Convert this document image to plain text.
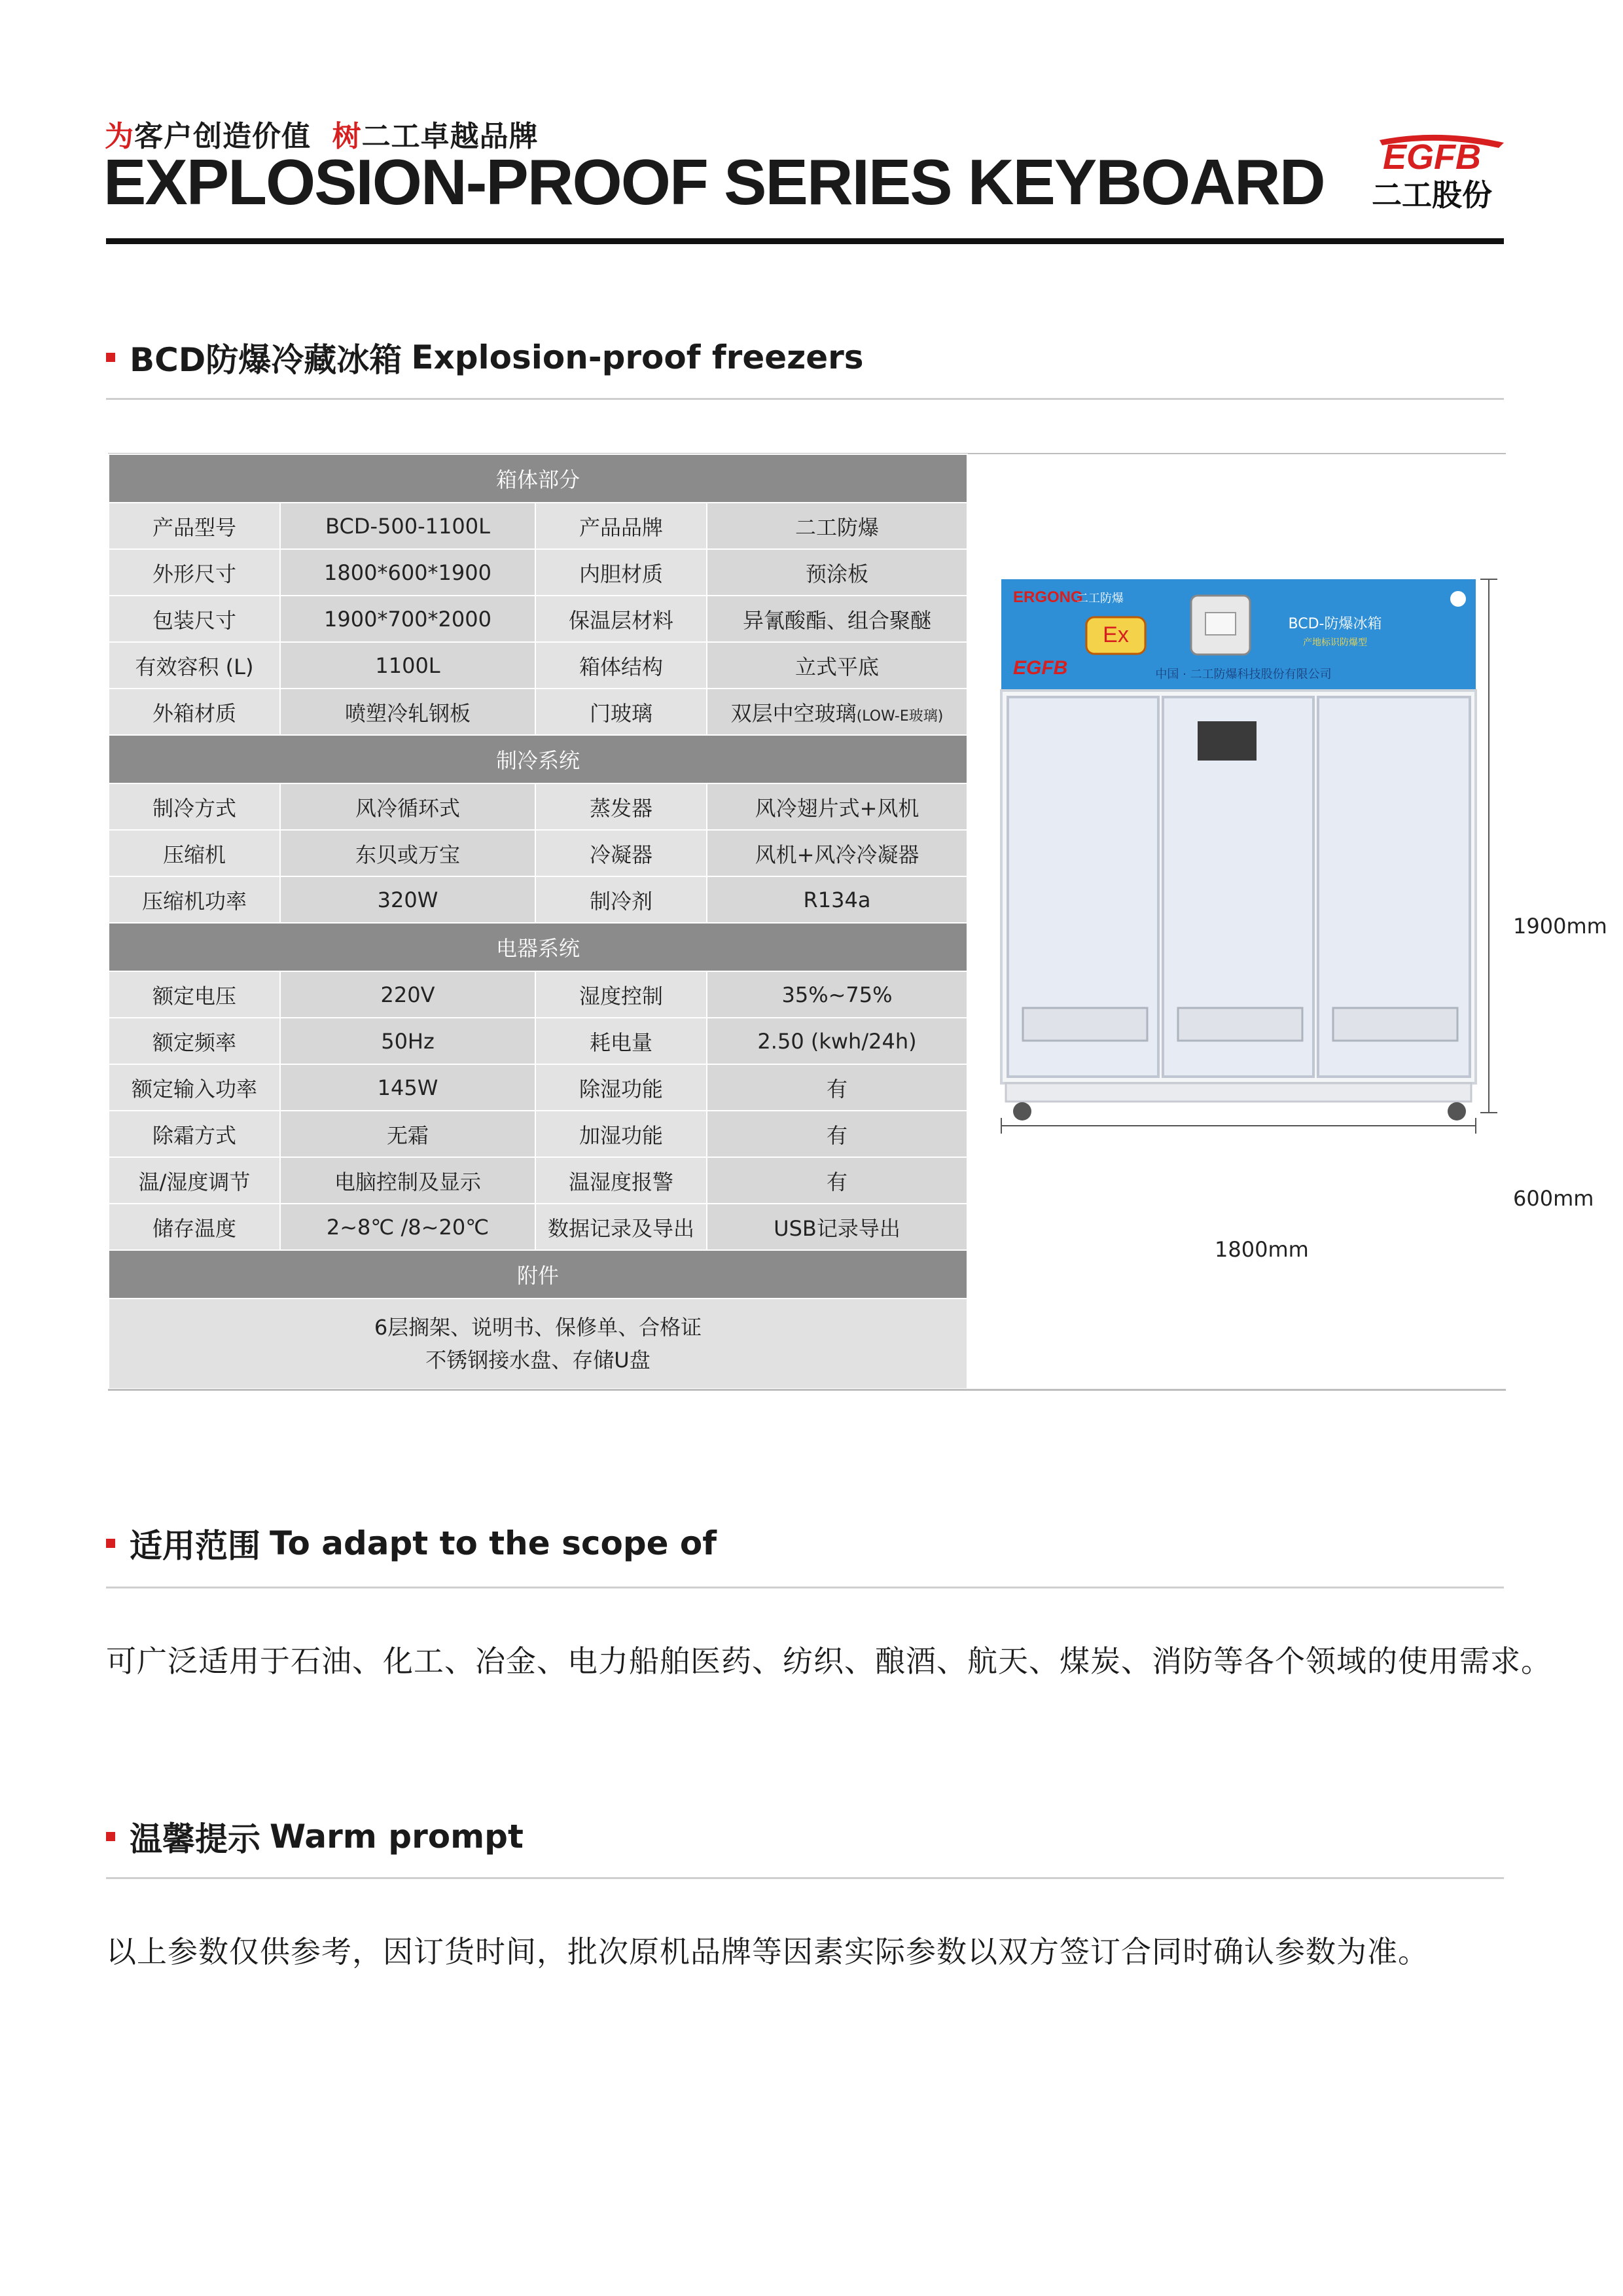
为客户创造价值 树二工卓越品牌
EXPLOSION-PROOF SERIES KEYBOARD EGFB
二工股份
BCD防爆冷藏冰箱 Explosion-proof freezers
箱体部分			
产品型号	BCD-500-1100L	产品品牌	二工防爆
外形尺寸	1800*600*1900	内胆材质	预涂板
包装尺寸	1900*700*2000	保温层材料	异氰酸酯、组合聚醚
有效容积 (L)	1100L	箱体结构	立式平底
外箱材质	喷塑冷轧钢板	门玻璃	双层中空玻璃(LOW-E玻璃)
制冷系统			
制冷方式	风冷循环式	蒸发器	风冷翅片式+风机
压缩机	东贝或万宝	冷凝器	风机+风冷冷凝器
压缩机功率	320W	制冷剂	R134a
电器系统			
额定电压	220V	湿度控制	35%~75%
额定频率	50Hz	耗电量	2.50 (kwh/24h)
额定输入功率	145W	除湿功能	有
除霜方式	无霜	加湿功能	有
温/湿度调节	电脑控制及显示	温湿度报警	有
储存温度	2~8℃ /8~20℃	数据记录及导出	USB记录导出
附件			

6层搁架、说明书、保修单、合格证
不锈钢接水盘、存储U盘			
ERGONG
二工防爆
Ex
EGFB
BCD-防爆冰箱
产地标识防爆型
中国 · 二工防爆科技股份有限公司
1900mm
600mm
1800mm
适用范围 To adapt to the scope of
可广泛适用于石油、化工、冶金、电力船舶医药、纺织、酿酒、航天、煤炭、消防等各个领域的使用需求。
温馨提示 Warm prompt
以上参数仅供参考，因订货时间，批次原机品牌等因素实际参数以双方签订合同时确认参数为准。
